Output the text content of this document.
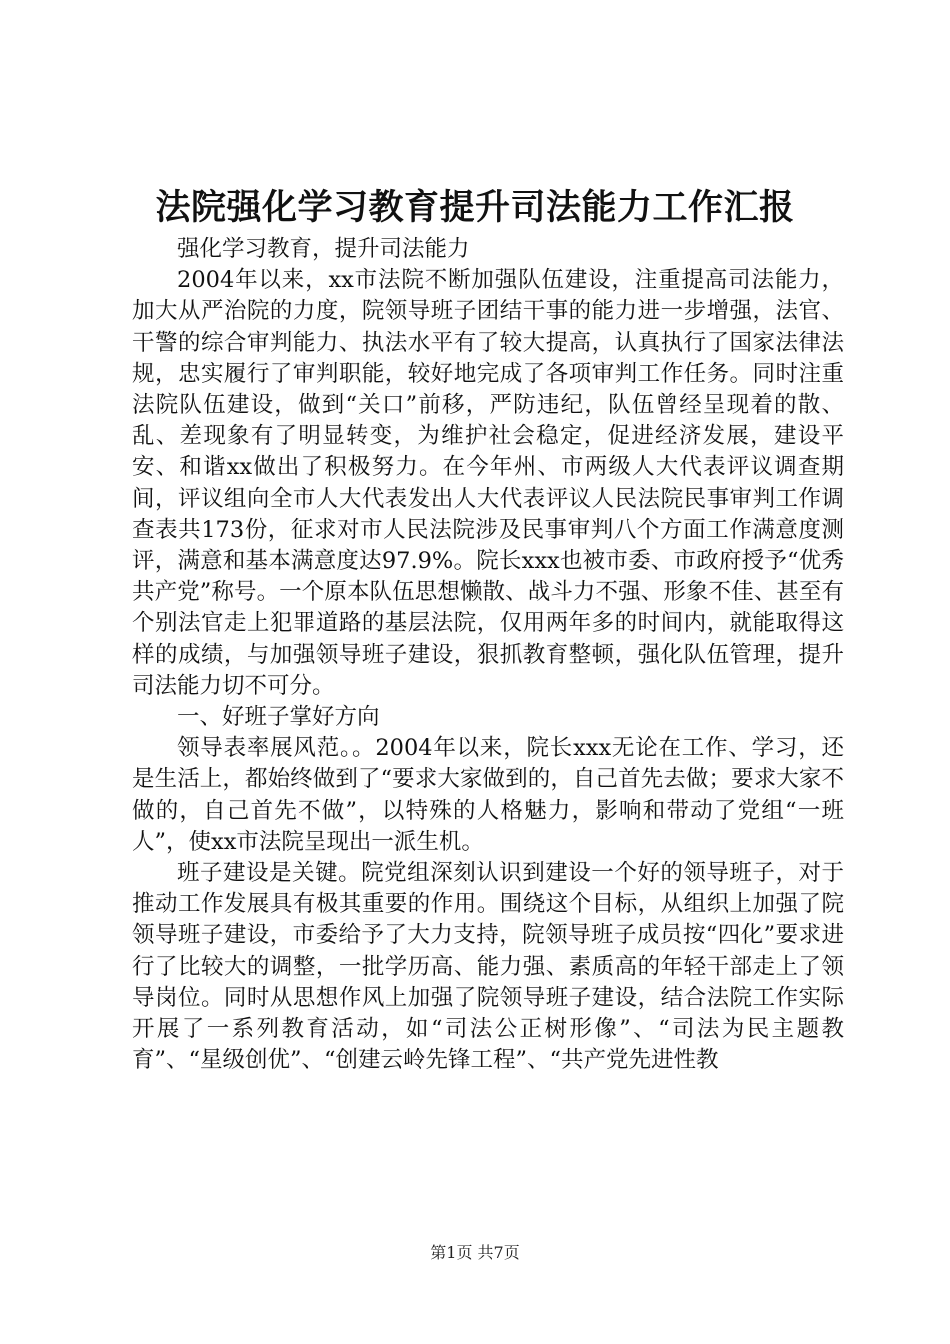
法院强化学习教育提升司法能力工作汇报

强化学习教育，提升司法能力

2004年以来，xx市法院不断加强队伍建设，注重提高司法能力，加大从严治院的力度，院领导班子团结干事的能力进一步增强，法官、干警的综合审判能力、执法水平有了较大提高，认真执行了国家法律法规，忠实履行了审判职能，较好地完成了各项审判工作任务。同时注重法院队伍建设，做到“关口”前移，严防违纪，队伍曾经呈现着的散、乱、差现象有了明显转变，为维护社会稳定，促进经济发展，建设平安、和谐xx做出了积极努力。在今年州、市两级人大代表评议调查期间，评议组向全市人大代表发出人大代表评议人民法院民事审判工作调查表共173份，征求对市人民法院涉及民事审判八个方面工作满意度测评，满意和基本满意度达97.9%。院长xxx也被市委、市政府授予“优秀共产党”称号。一个原本队伍思想懒散、战斗力不强、形象不佳、甚至有个别法官走上犯罪道路的基层法院，仅用两年多的时间内，就能取得这样的成绩，与加强领导班子建设，狠抓教育整顿，强化队伍管理，提升司法能力切不可分。

一、好班子掌好方向

领导表率展风范。。2004年以来，院长xxx无论在工作、学习，还是生活上，都始终做到了“要求大家做到的，自己首先去做；要求大家不做的，自己首先不做”，以特殊的人格魅力，影响和带动了党组“一班人”，使xx市法院呈现出一派生机。

班子建设是关键。院党组深刻认识到建设一个好的领导班子，对于推动工作发展具有极其重要的作用。围绕这个目标，从组织上加强了院领导班子建设，市委给予了大力支持，院领导班子成员按“四化”要求进行了比较大的调整，一批学历高、能力强、素质高的年轻干部走上了领导岗位。同时从思想作风上加强了院领导班子建设，结合法院工作实际开展了一系列教育活动，如“司法公正树形像”、“司法为民主题教育”、“星级创优”、“创建云岭先锋工程”、“共产党先进性教

第1页 共7页
